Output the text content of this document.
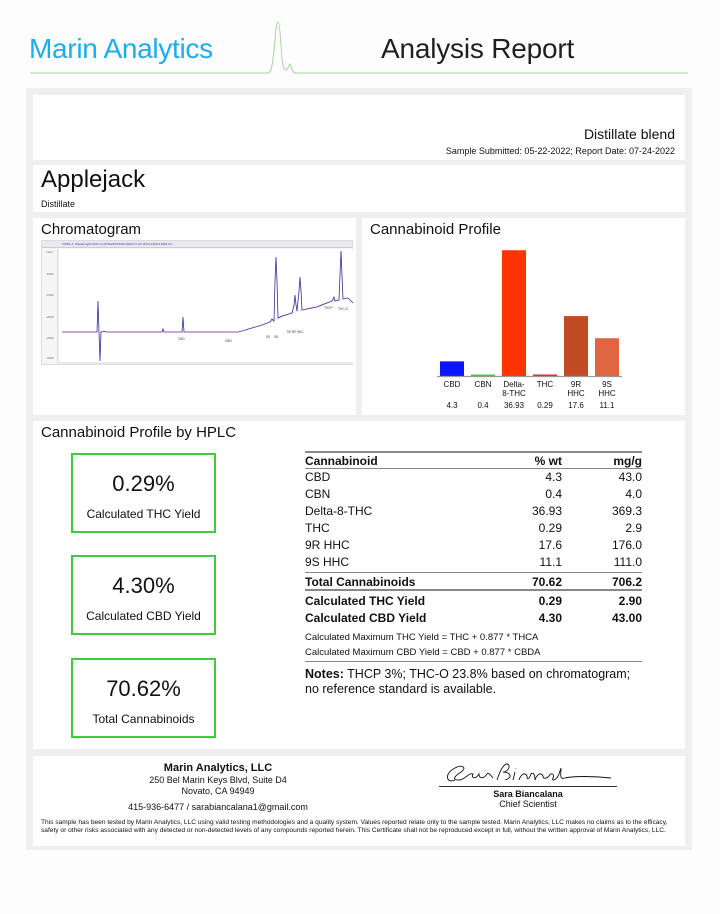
Marin Analytics	Analysis Report
Distillate blend
Sample Submitted: 05-22-2022; Report Date: 07-24-2022
Applejack
Distillate
Chromatogram
VWD1 A, Wavelength=220 nm (072022\072022 2022-07-22 16-01-13\013-0401.D)
mAU
-1000
-1500
-2000
-2500
-3000
CBD	CBN
D9 D8
9S 9R HHC
THCP THC-O
Cannabinoid Profile
CBD
4.3
CBN
0.4
Delta-
8-THC
36.93
THC
0.29
9R
HHC
17.6
9S
HHC
11.1
Cannabinoid Profile by HPLC
0.29%
Calculated THC Yield
4.30%
Calculated CBD Yield
70.62%
Total Cannabinoids
Cannabinoid	% wt	mg/g
CBD	4.3	43.0
CBN	0.4	4.0
Delta-8-THC	36.93	369.3
THC	0.29	2.9
9R HHC	17.6	176.0
9S HHC	11.1	111.0
Total Cannabinoids	70.62	706.2
Calculated THC Yield	0.29	2.90
Calculated CBD Yield	4.30	43.00
Calculated Maximum THC Yield = THC + 0.877 * THCA
Calculated Maximum CBD Yield = CBD + 0.877 * CBDA
Notes: THCP 3%; THC-O 23.8% based on chromatogram; no reference standard is available.
Marin Analytics, LLC
250 Bel Marin Keys Blvd, Suite D4
Novato, CA 94949
415-936-6477 / sarabiancalana1@gmail.com
Sara Biancalana
Chief Scientist
This sample has been tested by Marin Analytics, LLC using valid testing methodologies and a quality system. Values reported relate only to the sample tested. Marin Analytics, LLC makes no claims as to the efficacy, safety or other risks associated with any detected or non-detected levels of any compounds reported herein. This Certificate shall not be reproduced except in full, without the written approval of Marin Analytics, LLC.
